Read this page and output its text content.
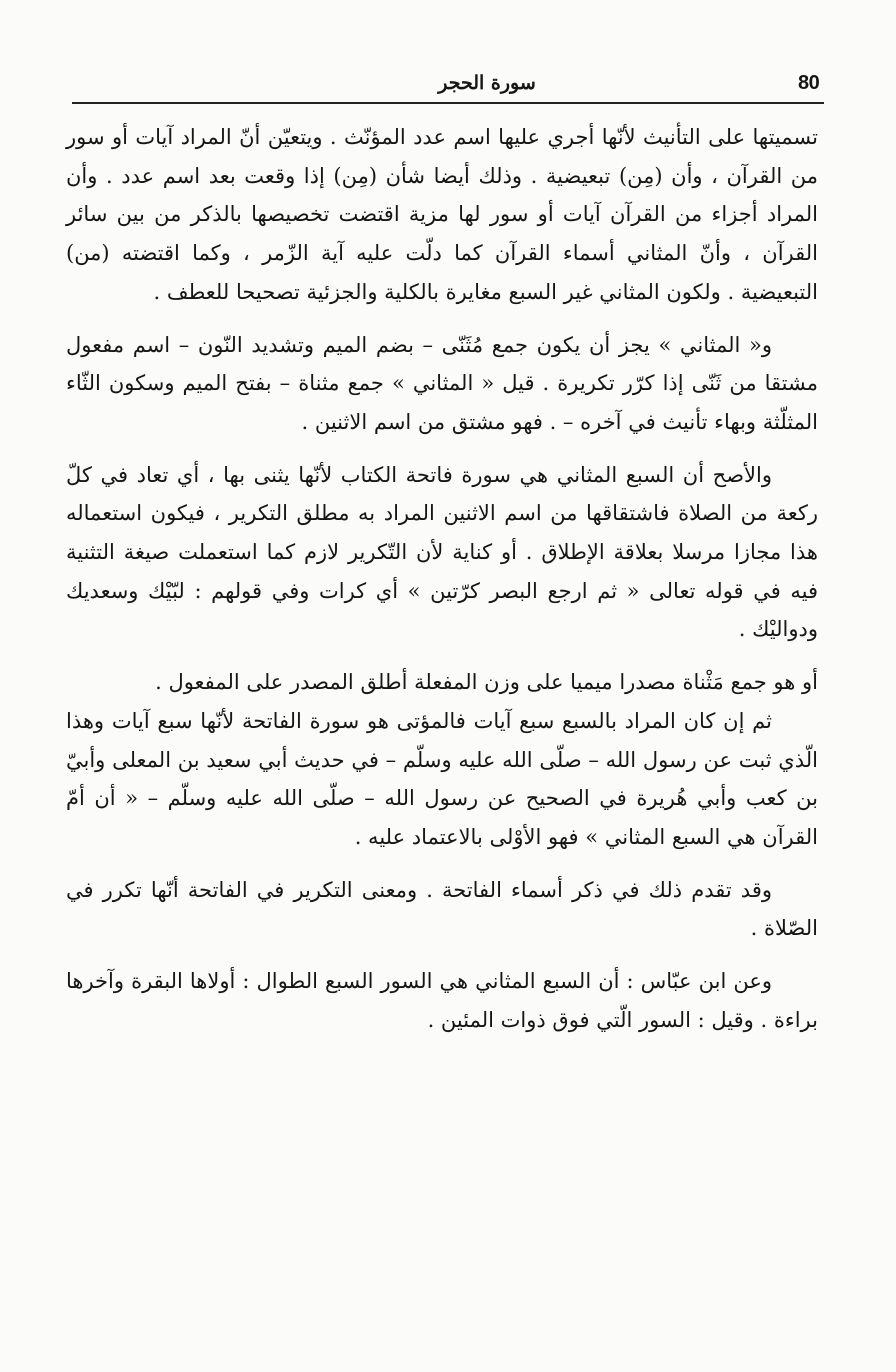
80
سورة الحجر

تسميتها على التأنيث لأنّها أجري عليها اسم عدد المؤنّث . ويتعيّن أنّ المراد آيات أو سور من القرآن ، وأن (مِن) تبعيضية . وذلك أيضا شأن (مِن) إذا وقعت بعد اسم عدد . وأن المراد أجزاء من القرآن آيات أو سور لها مزية اقتضت تخصيصها بالذكر من بين سائر القرآن ، وأنّ المثاني أسماء القرآن كما دلّت عليه آية الزّمر ، وكما اقتضته (من) التبعيضية . ولكون المثاني غير السبع مغايرة بالكلية والجزئية تصحيحا للعطف .

و« المثاني » يجز أن يكون جمع مُثَنّى – بضم الميم وتشديد النّون – اسم مفعول مشتقا من ثَنّى إذا كرّر تكريرة . قيل « المثاني » جمع مثناة – بفتح الميم وسكون الثّاء المثلّثة وبهاء تأنيث في آخره – . فهو مشتق من اسم الاثنين .

والأصح أن السبع المثاني هي سورة فاتحة الكتاب لأنّها يثنى بها ، أي تعاد في كلّ ركعة من الصلاة فاشتقاقها من اسم الاثنين المراد به مطلق التكرير ، فيكون استعماله هذا مجازا مرسلا بعلاقة الإطلاق . أو كناية لأن التّكرير لازم كما استعملت صيغة التثنية فيه في قوله تعالى « ثم ارجع البصر كرّتين » أي كرات وفي قولهم : لبّيْك وسعديك ودواليْك .

أو هو جمع مَثْناة مصدرا ميميا على وزن المفعلة أطلق المصدر على المفعول .

ثم إن كان المراد بالسبع سبع آيات فالمؤتى هو سورة الفاتحة لأنّها سبع آيات وهذا الّذي ثبت عن رسول الله – صلّى الله عليه وسلّم – في حديث أبي سعيد بن المعلى وأبيّ بن كعب وأبي هُريرة في الصحيح عن رسول الله – صلّى الله عليه وسلّم – « أن أمّ القرآن هي السبع المثاني » فهو الأوْلى بالاعتماد عليه .

وقد تقدم ذلك في ذكر أسماء الفاتحة . ومعنى التكرير في الفاتحة أنّها تكرر في الصّلاة .

وعن ابن عبّاس : أن السبع المثاني هي السور السبع الطوال : أولاها البقرة وآخرها براءة . وقيل : السور الّتي فوق ذوات المئين .
